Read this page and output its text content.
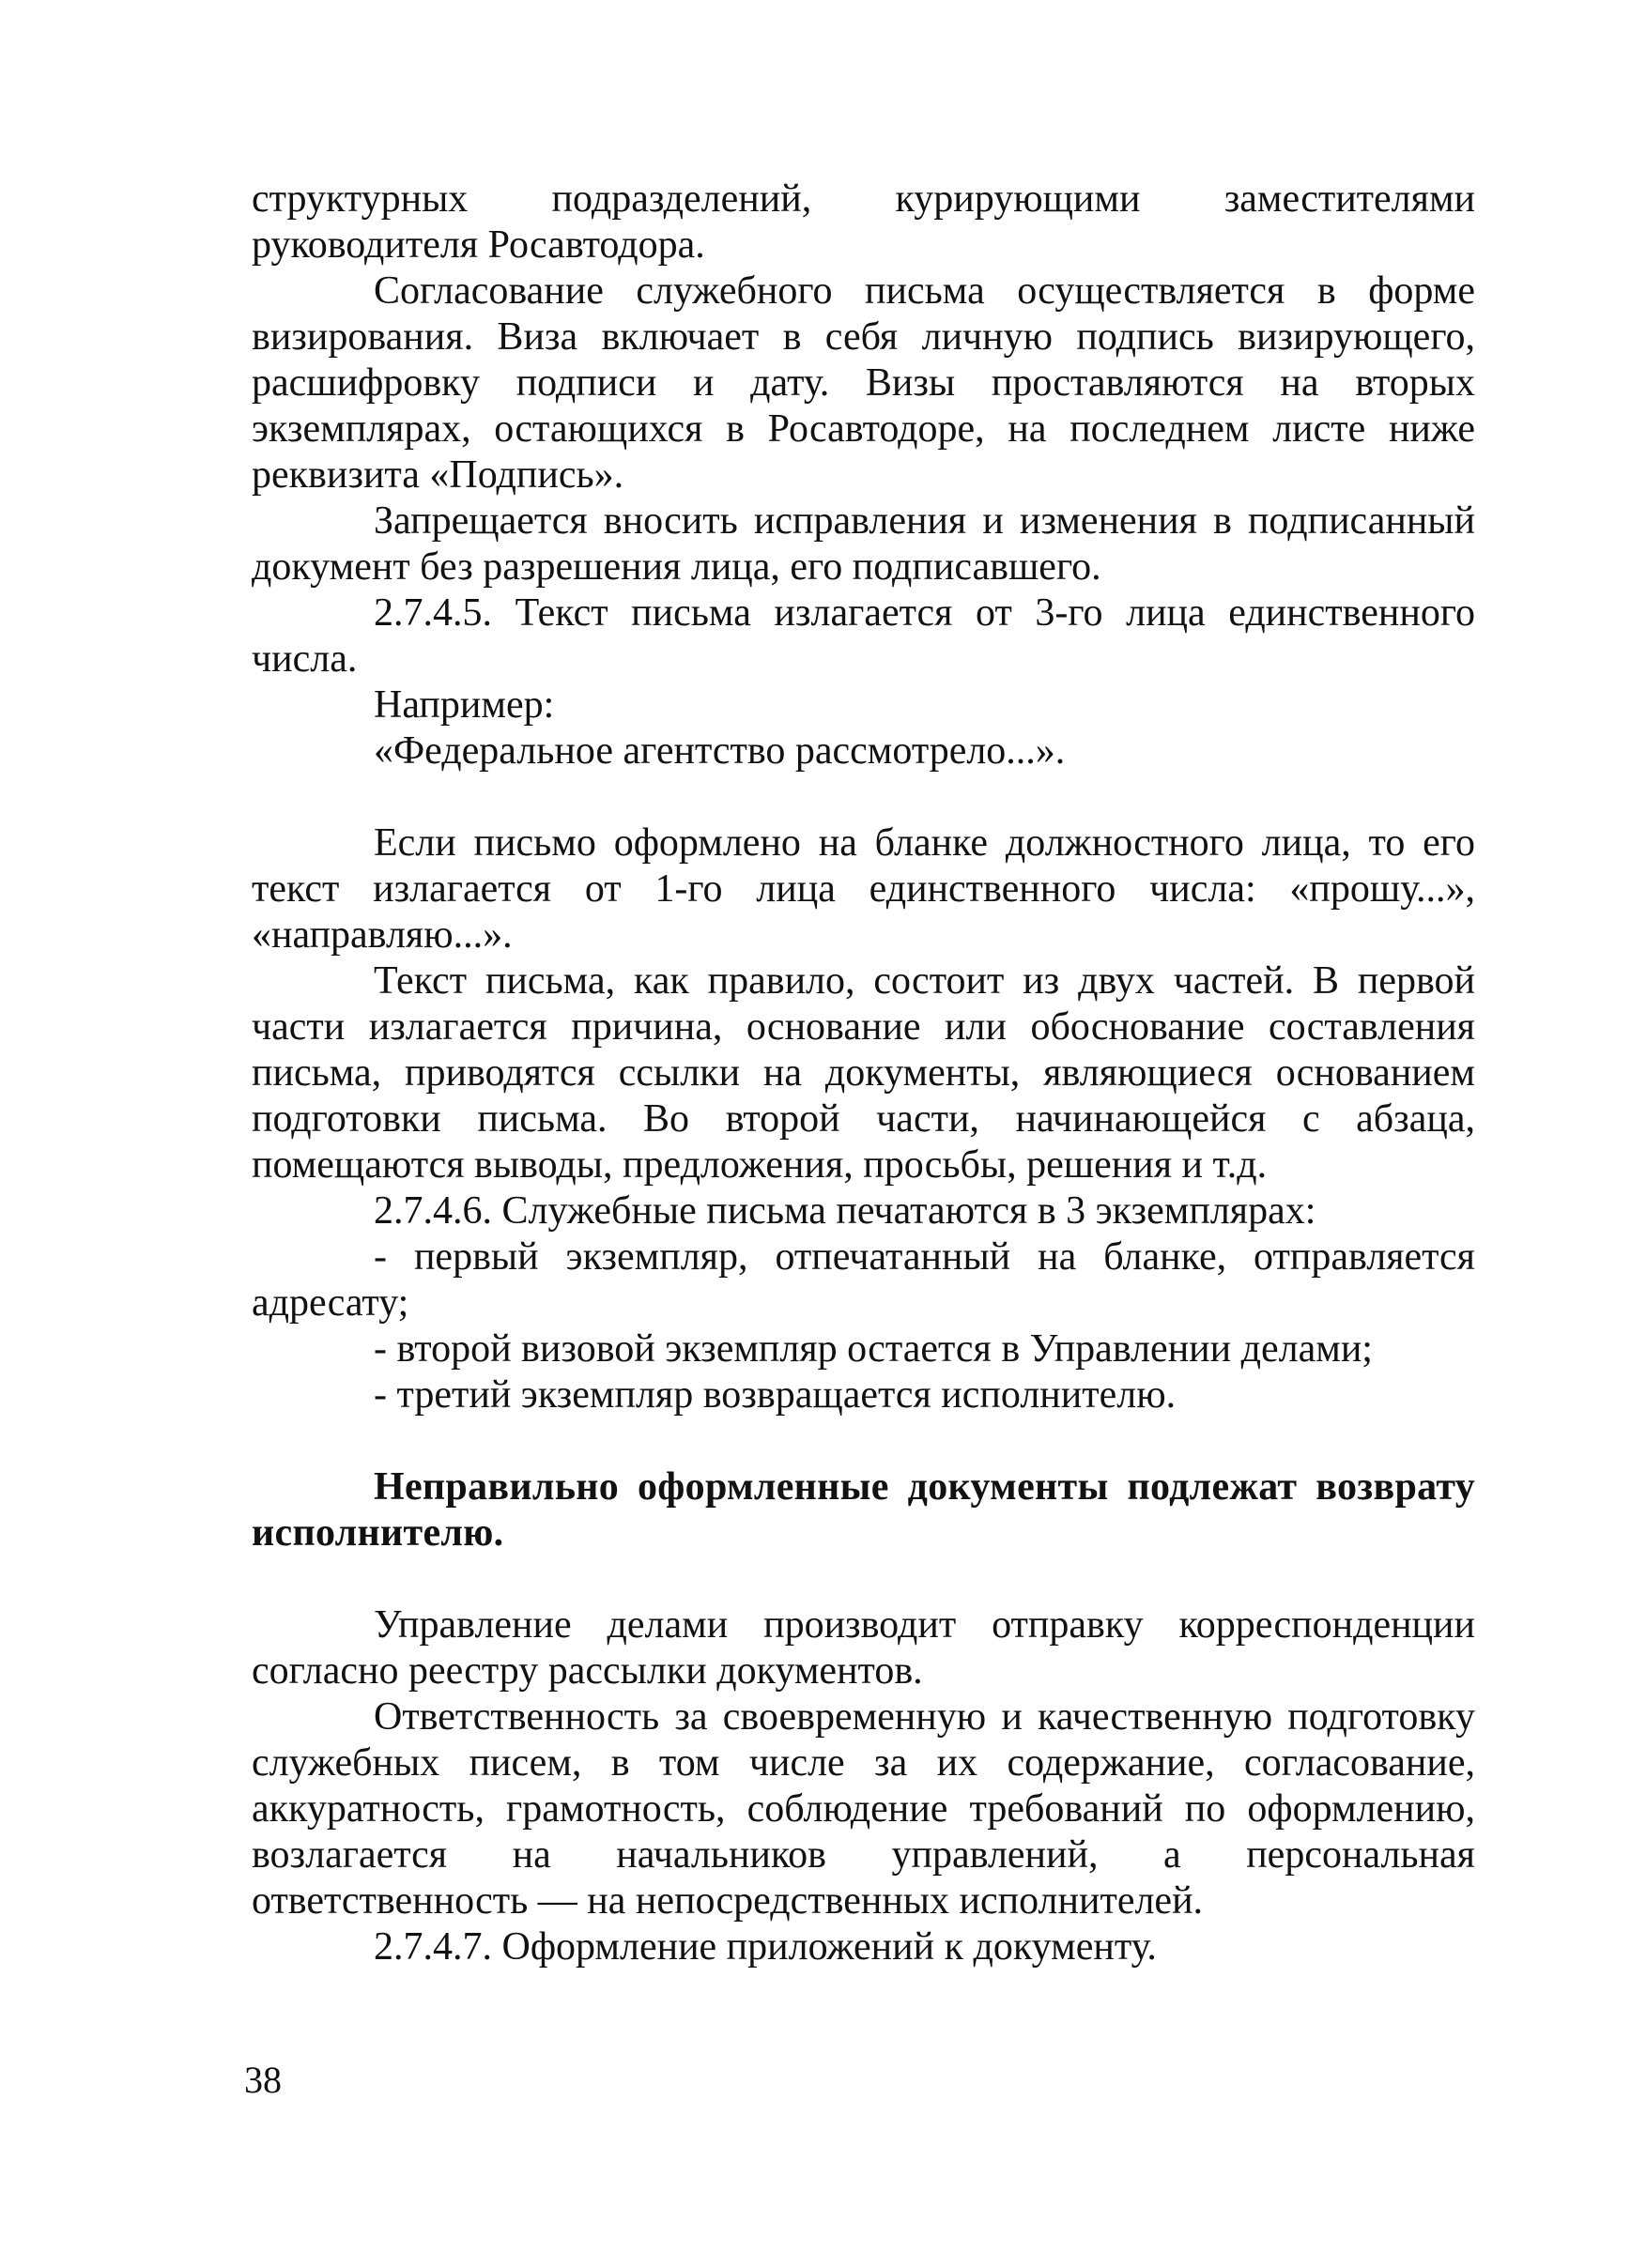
структурных подразделений, курирующими заместителями руководителя Росавтодора.

Согласование служебного письма осуществляется в форме визирования. Виза включает в себя личную подпись визирующего, расшифровку подписи и дату. Визы проставляются на вторых экземплярах, остающихся в Росавтодоре, на последнем листе ниже реквизита «Подпись».

Запрещается вносить исправления и изменения в подписанный документ без разрешения лица, его подписавшего.

2.7.4.5. Текст письма излагается от 3-го лица единственного числа.

Например:

«Федеральное агентство рассмотрело...».

Если письмо оформлено на бланке должностного лица, то его текст излагается от 1-го лица единственного числа: «прошу...», «направляю...».

Текст письма, как правило, состоит из двух частей. В первой части излагается причина, основание или обоснование составления письма, приводятся ссылки на документы, являющиеся основанием подготовки письма. Во второй части, начинающейся с абзаца, помещаются выводы, предложения, просьбы, решения и т.д.

2.7.4.6. Служебные письма печатаются в 3 экземплярах:

- первый экземпляр, отпечатанный на бланке, отправляется адресату;

- второй визовой экземпляр остается в Управлении делами;

- третий экземпляр возвращается исполнителю.

Неправильно оформленные документы подлежат возврату исполнителю.

Управление делами производит отправку корреспонденции согласно реестру рассылки документов.

Ответственность за своевременную и качественную подготовку служебных писем, в том числе за их содержание, согласование, аккуратность, грамотность, соблюдение требований по оформлению, возлагается на начальников управлений, а персональная ответственность — на непосредственных исполнителей.

2.7.4.7. Оформление приложений к документу.

38
